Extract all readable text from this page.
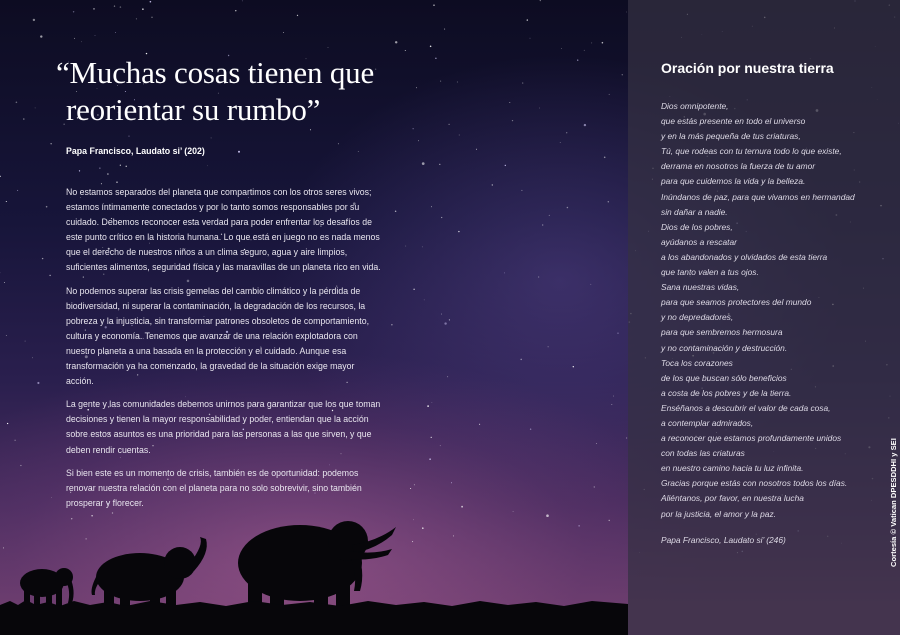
“Muchas cosas tienen que
reorientar su rumbo”
Papa Francisco, Laudato si’ (202)

No estamos separados del planeta que compartimos con los otros seres vivos; estamos íntimamente conectados y por lo tanto somos responsables por su cuidado. Debemos reconocer esta verdad para poder enfrentar los desafíos de este punto crítico en la historia humana. Lo que está en juego no es nada menos que el derecho de nuestros niños a un clima seguro, agua y aire limpios, suficientes alimentos, seguridad física y las maravillas de un planeta rico en vida.

No podemos superar las crisis gemelas del cambio climático y la pérdida de biodiversidad, ni superar la contaminación, la degradación de los recursos, la pobreza y la injusticia, sin transformar patrones obsoletos de comportamiento, cultura y economía. Tenemos que avanzar de una relación explotadora con nuestro planeta a una basada en la protección y el cuidado. Aunque esa transformación ya ha comenzado, la gravedad de la situación exige mayor acción.

La gente y las comunidades debemos unirnos para garantizar que los que toman decisiones y tienen la mayor responsabilidad y poder, entiendan que la acción sobre estos asuntos es una prioridad para las personas a las que sirven, y que deben rendir cuentas.

Si bien este es un momento de crisis, también es de oportunidad: podemos renovar nuestra relación con el planeta para no solo sobrevivir, sino también prosperar y florecer.

Oración por nuestra tierra
Dios omnipotente,
que estás presente en todo el universo
y en la más pequeña de tus criaturas,
Tú, que rodeas con tu ternura todo lo que existe,
derrama en nosotros la fuerza de tu amor
para que cuidemos la vida y la belleza.
Inúndanos de paz, para que vivamos en hermandad
sin dañar a nadie.
Dios de los pobres,
ayúdanos a rescatar
a los abandonados y olvidados de esta tierra
que tanto valen a tus ojos.
Sana nuestras vidas,
para que seamos protectores del mundo
y no depredadores,
para que sembremos hermosura
y no contaminación y destrucción.
Toca los corazones
de los que buscan sólo beneficios
a costa de los pobres y de la tierra.
Enséñanos a descubrir el valor de cada cosa,
a contemplar admirados,
a reconocer que estamos profundamente unidos
con todas las criaturas
en nuestro camino hacia tu luz infinita.
Gracias porque estás con nosotros todos los días.
Aliéntanos, por favor, en nuestra lucha
por la justicia, el amor y la paz.
Papa Francisco, Laudato si’ (246)	Cortesía © Vatican DPESDDHI y SEI
